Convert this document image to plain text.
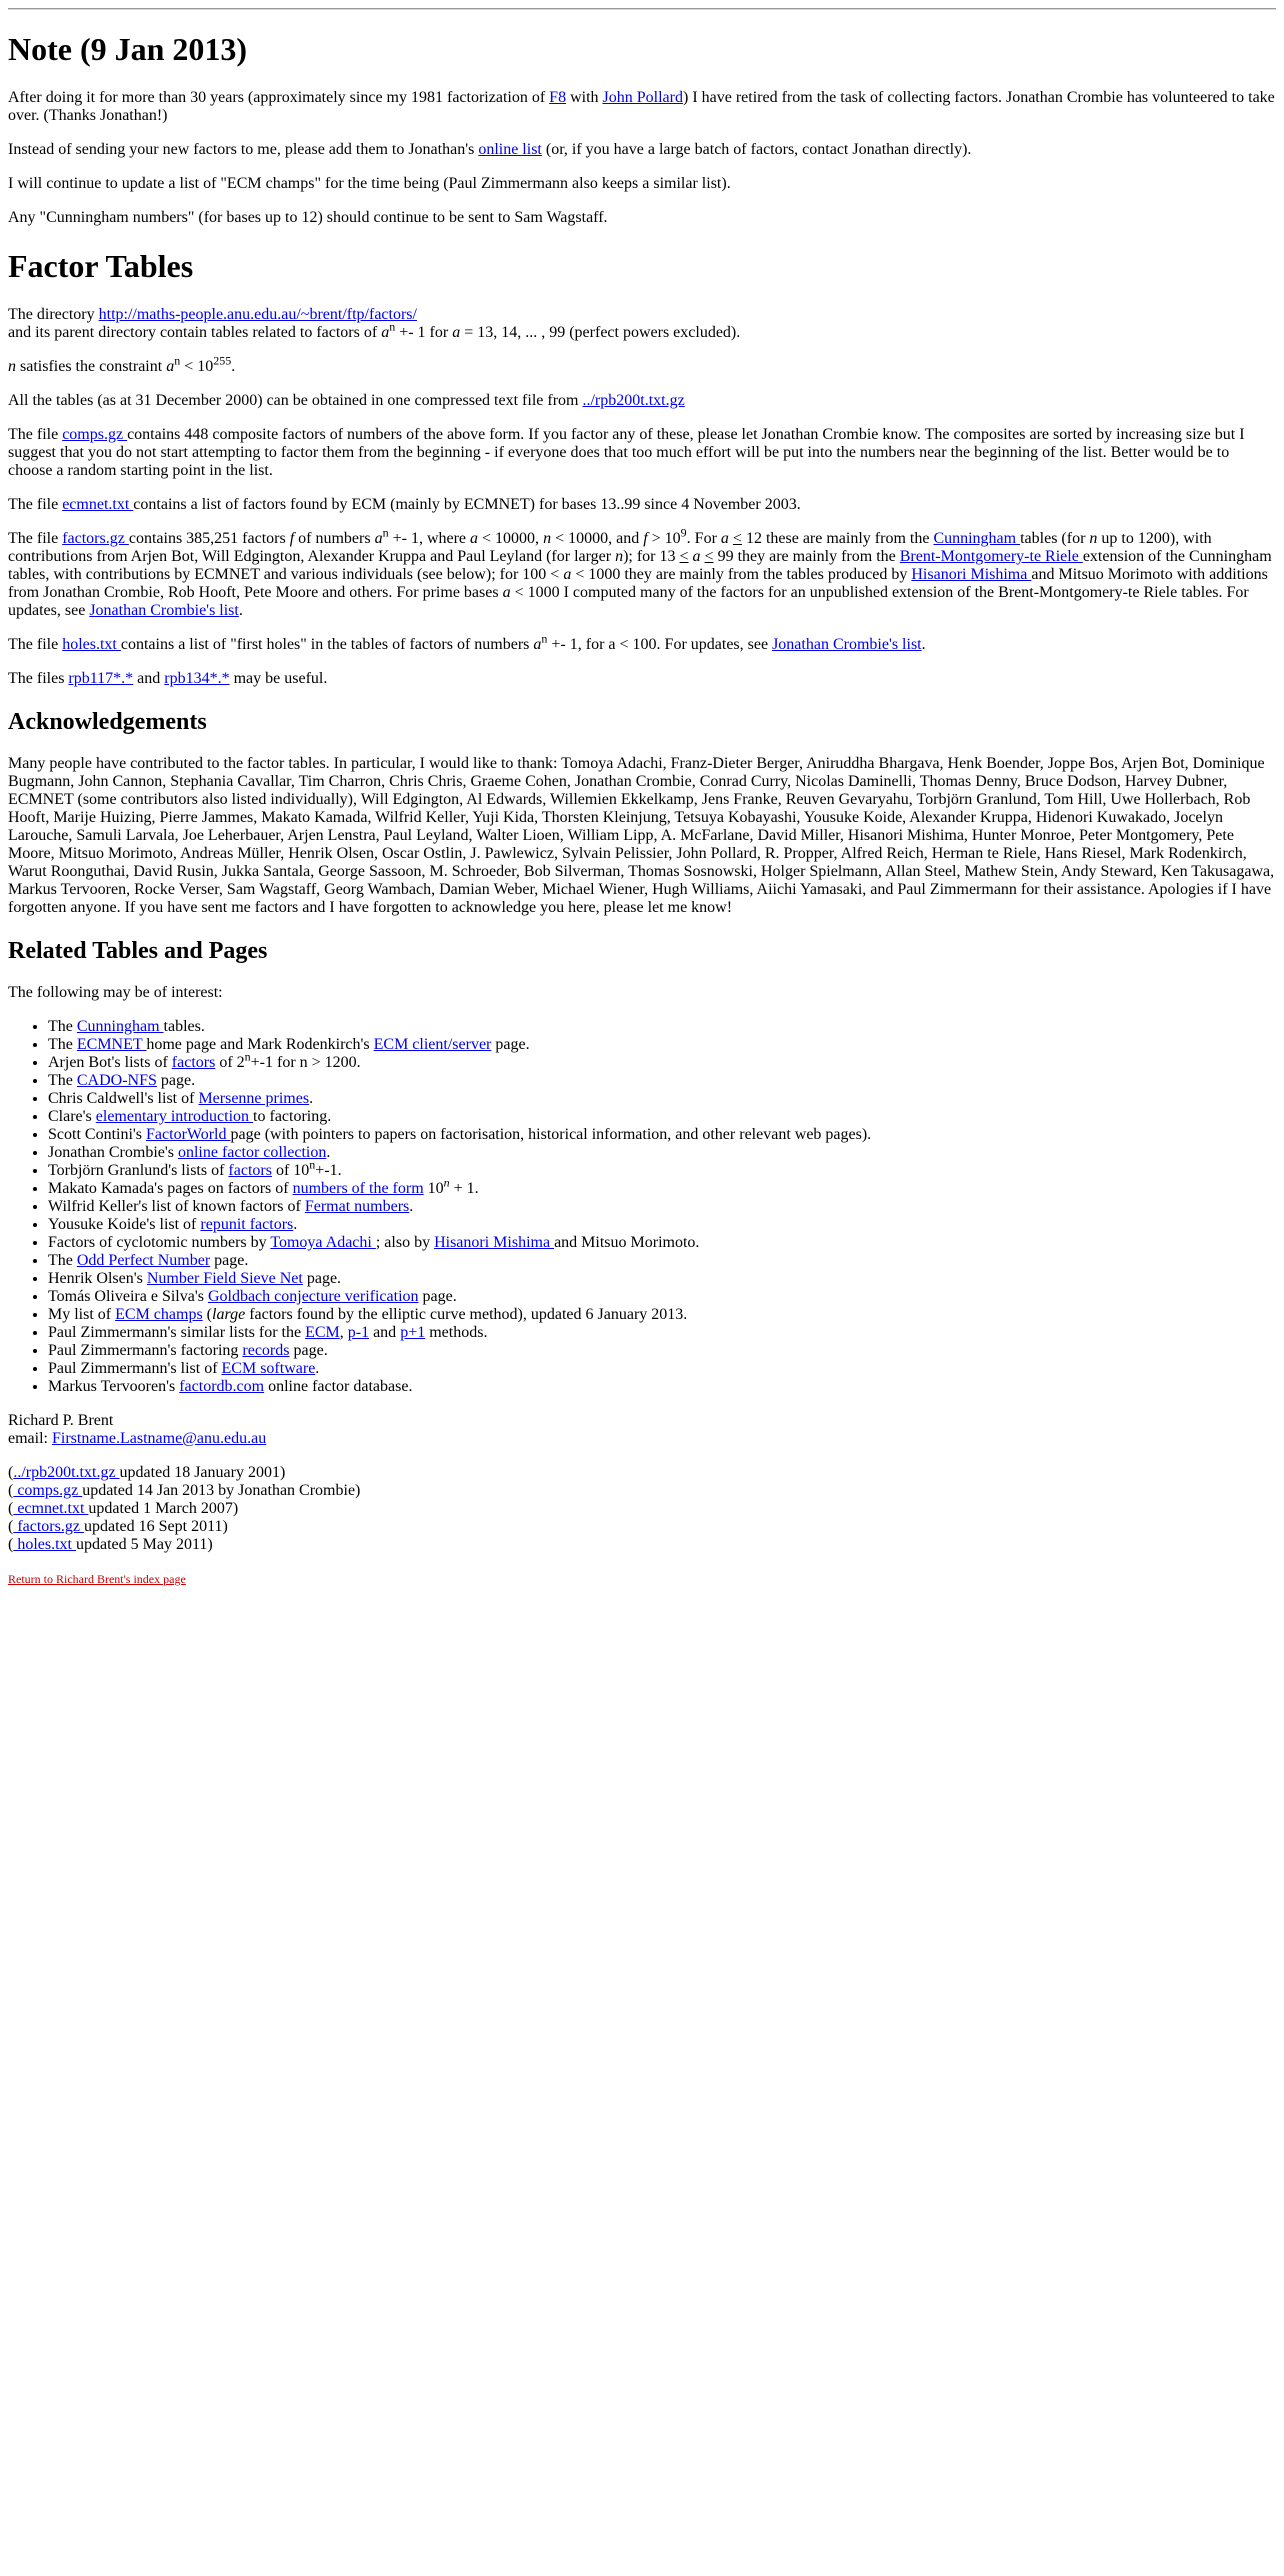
Note (9 Jan 2013)

After doing it for more than 30 years (approximately since my 1981 factorization of F8 with John Pollard) I have retired from the task of collecting factors. Jonathan Crombie has volunteered to take over. (Thanks Jonathan!)

Instead of sending your new factors to me, please add them to Jonathan's online list (or, if you have a large batch of factors, contact Jonathan directly).

I will continue to update a list of "ECM champs" for the time being (Paul Zimmermann also keeps a similar list).

Any "Cunningham numbers" (for bases up to 12) should continue to be sent to Sam Wagstaff.

Factor Tables

The directory http://maths-people.anu.edu.au/~brent/ftp/factors/
and its parent directory contain tables related to factors of $a^n +- 1$ for a = 13, 14, ... , 99 (perfect powers excluded).

n satisfies the constraint $a^n < 10^{255}$.

All the tables (as at 31 December 2000) can be obtained in one compressed text file from ../rpb200t.txt.gz

The file comps.gz contains 448 composite factors of numbers of the above form. If you factor any of these, please let Jonathan Crombie know. The composites are sorted by increasing size but I suggest that you do not start attempting to factor them from the beginning - if everyone does that too much effort will be put into the numbers near the beginning of the list. Better would be to choose a random starting point in the list.

The file ecmnet.txt contains a list of factors found by ECM (mainly by ECMNET) for bases 13..99 since 4 November 2003.

The file factors.gz contains 385,251 factors f of numbers $a^n +- 1$, where a < 10000, n < 10000, and $f > 10^9$. For a ≤ 12 these are mainly from the Cunningham tables (for n up to 1200), with contributions from Arjen Bot, Will Edgington, Alexander Kruppa and Paul Leyland (for larger n); for 13 ≤ a ≤ 99 they are mainly from the Brent-Montgomery-te Riele extension of the Cunningham tables, with contributions by ECMNET and various individuals (see below); for 100 < a < 1000 they are mainly from the tables produced by Hisanori Mishima and Mitsuo Morimoto with additions from Jonathan Crombie, Rob Hooft, Pete Moore and others. For prime bases a < 1000 I computed many of the factors for an unpublished extension of the Brent-Montgomery-te Riele tables. For updates, see Jonathan Crombie's list.

The file holes.txt contains a list of "first holes" in the tables of factors of numbers $a^n +- 1$, for a < 100. For updates, see Jonathan Crombie's list.

The files rpb117*.* and rpb134*.* may be useful.

Acknowledgements

Many people have contributed to the factor tables. In particular, I would like to thank: Tomoya Adachi, Franz-Dieter Berger, Aniruddha Bhargava, Henk Boender, Joppe Bos, Arjen Bot, Dominique Bugmann, John Cannon, Stephania Cavallar, Tim Charron, Chris Chris, Graeme Cohen, Jonathan Crombie, Conrad Curry, Nicolas Daminelli, Thomas Denny, Bruce Dodson, Harvey Dubner, ECMNET (some contributors also listed individually), Will Edgington, Al Edwards, Willemien Ekkelkamp, Jens Franke, Reuven Gevaryahu, Torbjörn Granlund, Tom Hill, Uwe Hollerbach, Rob Hooft, Marije Huizing, Pierre Jammes, Makato Kamada, Wilfrid Keller, Yuji Kida, Thorsten Kleinjung, Tetsuya Kobayashi, Yousuke Koide, Alexander Kruppa, Hidenori Kuwakado, Jocelyn Larouche, Samuli Larvala, Joe Leherbauer, Arjen Lenstra, Paul Leyland, Walter Lioen, William Lipp, A. McFarlane, David Miller, Hisanori Mishima, Hunter Monroe, Peter Montgomery, Pete Moore, Mitsuo Morimoto, Andreas Müller, Henrik Olsen, Oscar Ostlin, J. Pawlewicz, Sylvain Pelissier, John Pollard, R. Propper, Alfred Reich, Herman te Riele, Hans Riesel, Mark Rodenkirch, Warut Roonguthai, David Rusin, Jukka Santala, George Sassoon, M. Schroeder, Bob Silverman, Thomas Sosnowski, Holger Spielmann, Allan Steel, Mathew Stein, Andy Steward, Ken Takusagawa, Markus Tervooren, Rocke Verser, Sam Wagstaff, Georg Wambach, Damian Weber, Michael Wiener, Hugh Williams, Aiichi Yamasaki, and Paul Zimmermann for their assistance. Apologies if I have forgotten anyone. If you have sent me factors and I have forgotten to acknowledge you here, please let me know!

Related Tables and Pages

The following may be of interest:

• The Cunningham tables.
• The ECMNET home page and Mark Rodenkirch's ECM client/server page.
• Arjen Bot's lists of factors of $2^n+-1$ for n > 1200.
• The CADO-NFS page.
• Chris Caldwell's list of Mersenne primes.
• Clare's elementary introduction to factoring.
• Scott Contini's FactorWorld page (with pointers to papers on factorisation, historical information, and other relevant web pages).
• Jonathan Crombie's online factor collection.
• Torbjörn Granlund's lists of factors of $10^n+-1$.
• Makato Kamada's pages on factors of numbers of the form $10^n + 1$.
• Wilfrid Keller's list of known factors of Fermat numbers.
• Yousuke Koide's list of repunit factors.
• Factors of cyclotomic numbers by Tomoya Adachi ; also by Hisanori Mishima and Mitsuo Morimoto.
• The Odd Perfect Number page.
• Henrik Olsen's Number Field Sieve Net page.
• Tomás Oliveira e Silva's Goldbach conjecture verification page.
• My list of ECM champs (large factors found by the elliptic curve method), updated 6 January 2013.
• Paul Zimmermann's similar lists for the ECM, p-1 and p+1 methods.
• Paul Zimmermann's factoring records page.
• Paul Zimmermann's list of ECM software.
• Markus Tervooren's factordb.com online factor database.

Richard P. Brent
email: Firstname.Lastname@anu.edu.au

(../rpb200t.txt.gz updated 18 January 2001)
( comps.gz updated 14 Jan 2013 by Jonathan Crombie)
( ecmnet.txt updated 1 March 2007)
( factors.gz updated 16 Sept 2011)
( holes.txt updated 5 May 2011)

Return to Richard Brent's index page
